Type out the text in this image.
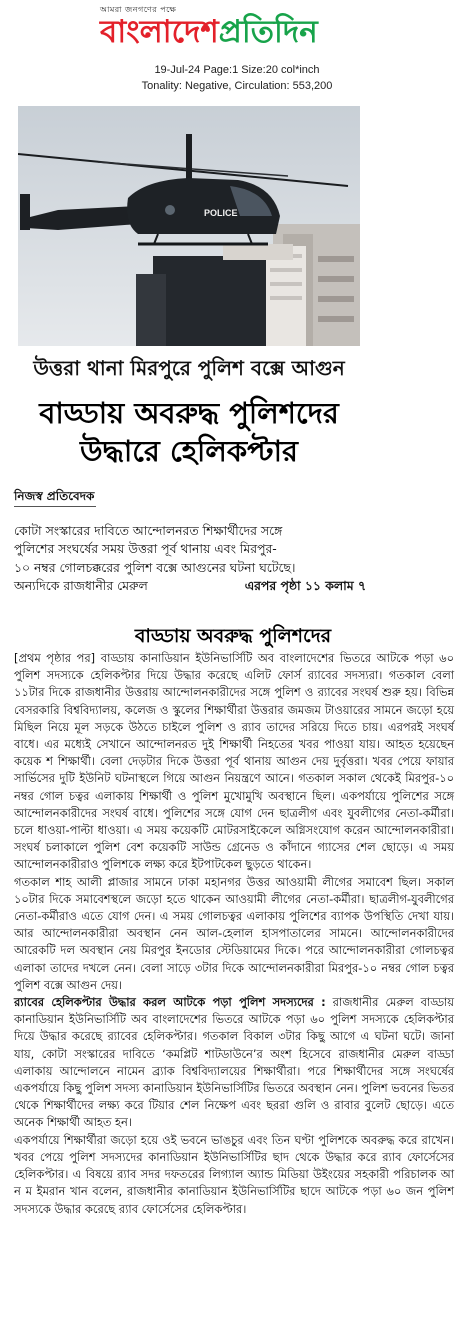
আমরা জনগণের পক্ষে
বাংলাদেশপ্রতিদিন
19-Jul-24 Page:1 Size:20 col*inch
Tonality: Negative, Circulation: 553,200
POLICE
উত্তরা থানা মিরপুরে পুলিশ বক্সে আগুন
বাড্ডায় অবরুদ্ধ পুলিশদের
উদ্ধারে হেলিকপ্টার
নিজস্ব প্রতিবেদক
কোটা সংস্কারের দাবিতে আন্দোলনরত শিক্ষার্থীদের সঙ্গে
পুলিশের সংঘর্ষের সময় উত্তরা পূর্ব থানায় এবং মিরপুর-
১০ নম্বর গোলচক্করের পুলিশ বক্সে আগুনের ঘটনা ঘটেছে।
অন্যদিকে রাজধানীর মেরুল	এরপর পৃষ্ঠা ১১ কলাম ৭
বাড্ডায় অবরুদ্ধ পুলিশদের

[প্রথম পৃষ্ঠার পর] বাড্ডায় কানাডিয়ান ইউনিভার্সিটি অব বাংলাদেশের ভিতরে আটকে পড়া ৬০ পুলিশ সদস্যকে হেলিকপ্টার দিয়ে উদ্ধার করেছে এলিট ফোর্স র‌্যাবের সদস্যরা। গতকাল বেলা ১১টার দিকে রাজধানীর উত্তরায় আন্দোলনকারীদের সঙ্গে পুলিশ ও র‌্যাবের সংঘর্ষ শুরু হয়। বিভিন্ন বেসরকারি বিশ্ববিদ্যালয়, কলেজ ও স্কুলের শিক্ষার্থীরা উত্তরার জমজম টাওয়ারের সামনে জড়ো হয়ে মিছিল নিয়ে মূল সড়কে উঠতে চাইলে পুলিশ ও র‌্যাব তাদের সরিয়ে দিতে চায়। এরপরই সংঘর্ষ বাধে। এর মধ্যেই সেখানে আন্দোলনরত দুই শিক্ষার্থী নিহতের খবর পাওয়া যায়। আহত হয়েছেন কয়েক শ শিক্ষার্থী। বেলা দেড়টার দিকে উত্তরা পূর্ব থানায় আগুন দেয় দুর্বৃত্তরা। খবর পেয়ে ফায়ার সার্ভিসের দুটি ইউনিট ঘটনাস্থলে গিয়ে আগুন নিয়ন্ত্রণে আনে। গতকাল সকাল থেকেই মিরপুর-১০ নম্বর গোল চত্বর এলাকায় শিক্ষার্থী ও পুলিশ মুখোমুখি অবস্থানে ছিল। একপর্যায়ে পুলিশের সঙ্গে আন্দোলনকারীদের সংঘর্ষ বাধে। পুলিশের সঙ্গে যোগ দেন ছাত্রলীগ এবং যুবলীগের নেতা-কর্মীরা। চলে ধাওয়া-পাল্টা ধাওয়া। এ সময় কয়েকটি মোটরসাইকেলে অগ্নিসংযোগ করেন আন্দোলনকারীরা। সংঘর্ষ চলাকালে পুলিশ বেশ কয়েকটি সাউন্ড গ্রেনেড ও কাঁদানে গ্যাসের শেল ছোড়ে। এ সময় আন্দোলনকারীরাও পুলিশকে লক্ষ্য করে ইটপাটকেল ছুড়তে থাকেন।

গতকাল শাহ আলী প্লাজার সামনে ঢাকা মহানগর উত্তর আওয়ামী লীগের সমাবেশ ছিল। সকাল ১০টার দিকে সমাবেশস্থলে জড়ো হতে থাকেন আওয়ামী লীগের নেতা-কর্মীরা। ছাত্রলীগ-যুবলীগের নেতা-কর্মীরাও এতে যোগ দেন। এ সময় গোলচত্বর এলাকায় পুলিশের ব্যাপক উপস্থিতি দেখা যায়। আর আন্দোলনকারীরা অবস্থান নেন আল-হেলাল হাসপাতালের সামনে। আন্দোলনকারীদের আরেকটি দল অবস্থান নেয় মিরপুর ইনডোর স্টেডিয়ামের দিকে। পরে আন্দোলনকারীরা গোলচত্বর এলাকা তাদের দখলে নেন। বেলা সাড়ে ৩টার দিকে আন্দোলনকারীরা মিরপুর-১০ নম্বর গোল চত্বর পুলিশ বক্সে আগুন দেয়।

র‌্যাবের হেলিকপ্টার উদ্ধার করল আটকে পড়া পুলিশ সদস্যদের : রাজধানীর মেরুল বাড্ডায় কানাডিয়ান ইউনিভার্সিটি অব বাংলাদেশের ভিতরে আটকে পড়া ৬০ পুলিশ সদস্যকে হেলিকপ্টার দিয়ে উদ্ধার করেছে র‌্যাবের হেলিকপ্টার। গতকাল বিকাল ৩টার কিছু আগে এ ঘটনা ঘটে। জানা যায়, কোটা সংস্কারের দাবিতে ‘কমপ্লিট শাটডাউনে’র অংশ হিসেবে রাজধানীর মেরুল বাড্ডা এলাকায় আন্দোলনে নামেন ব্র্যাক বিশ্ববিদ্যালয়ের শিক্ষার্থীরা। পরে শিক্ষার্থীদের সঙ্গে সংঘর্ষের একপর্যায়ে কিছু পুলিশ সদস্য কানাডিয়ান ইউনিভার্সিটির ভিতরে অবস্থান নেন। পুলিশ ভবনের ভিতর থেকে শিক্ষার্থীদের লক্ষ্য করে টিয়ার শেল নিক্ষেপ এবং ছররা গুলি ও রাবার বুলেট ছোড়ে। এতে অনেক শিক্ষার্থী আহত হন।

একপর্যায়ে শিক্ষার্থীরা জড়ো হয়ে ওই ভবনে ভাঙচুর এবং তিন ঘণ্টা পুলিশকে অবরুদ্ধ করে রাখেন। খবর পেয়ে পুলিশ সদস্যদের কানাডিয়ান ইউনিভার্সিটির ছাদ থেকে উদ্ধার করে র‌্যাব ফোর্সেসের হেলিকপ্টার। এ বিষয়ে র‌্যাব সদর দফতরের লিগ্যাল অ্যান্ড মিডিয়া উইংয়ের সহকারী পরিচালক আ ন ম ইমরান খান বলেন, রাজধানীর কানাডিয়ান ইউনিভার্সিটির ছাদে আটকে পড়া ৬০ জন পুলিশ সদস্যকে উদ্ধার করেছে র‌্যাব ফোর্সেসের হেলিকপ্টার।
